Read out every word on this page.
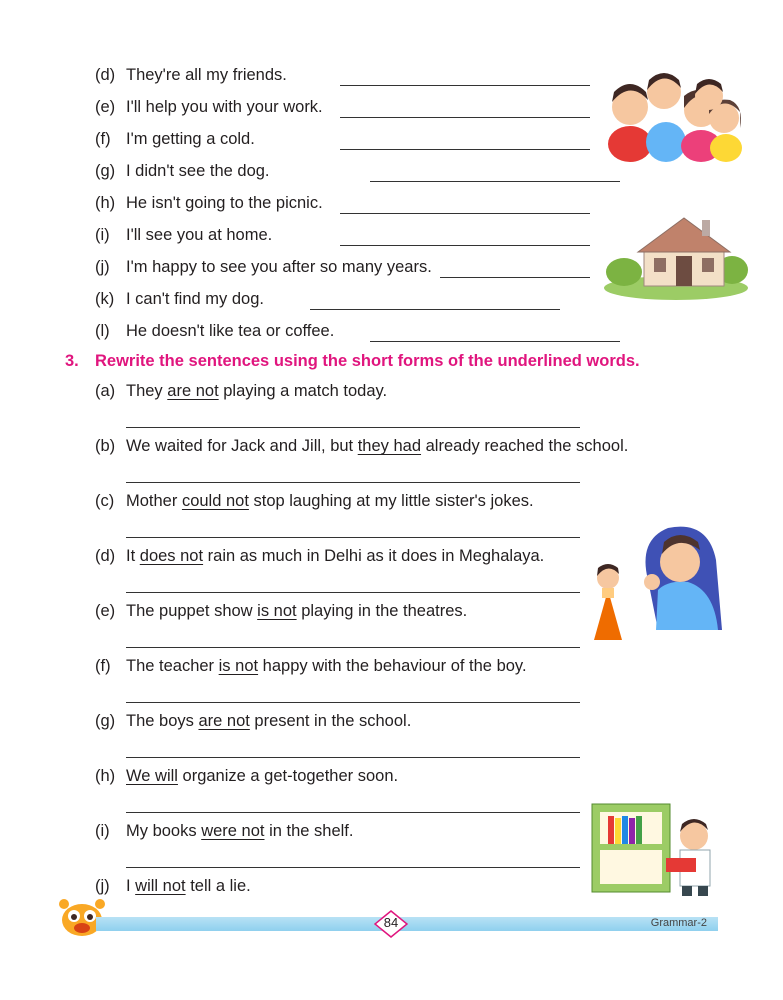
(d) They're all my friends.
(e) I'll help you with your work.
(f) I'm getting a cold.
(g) I didn't see the dog.
(h) He isn't going to the picnic.
(i) I'll see you at home.
(j) I'm happy to see you after so many years.
(k) I can't find my dog.
(l) He doesn't like tea or coffee.
3. Rewrite the sentences using the short forms of the underlined words.
(a) They are not playing a match today.
(b) We waited for Jack and Jill, but they had already reached the school.
(c) Mother could not stop laughing at my little sister's jokes.
(d) It does not rain as much in Delhi as it does in Meghalaya.
(e) The puppet show is not playing in the theatres.
(f) The teacher is not happy with the behaviour of the boy.
(g) The boys are not present in the school.
(h) We will organize a get-together soon.
(i) My books were not in the shelf.
(j) I will not tell a lie.
84	Grammar-2
